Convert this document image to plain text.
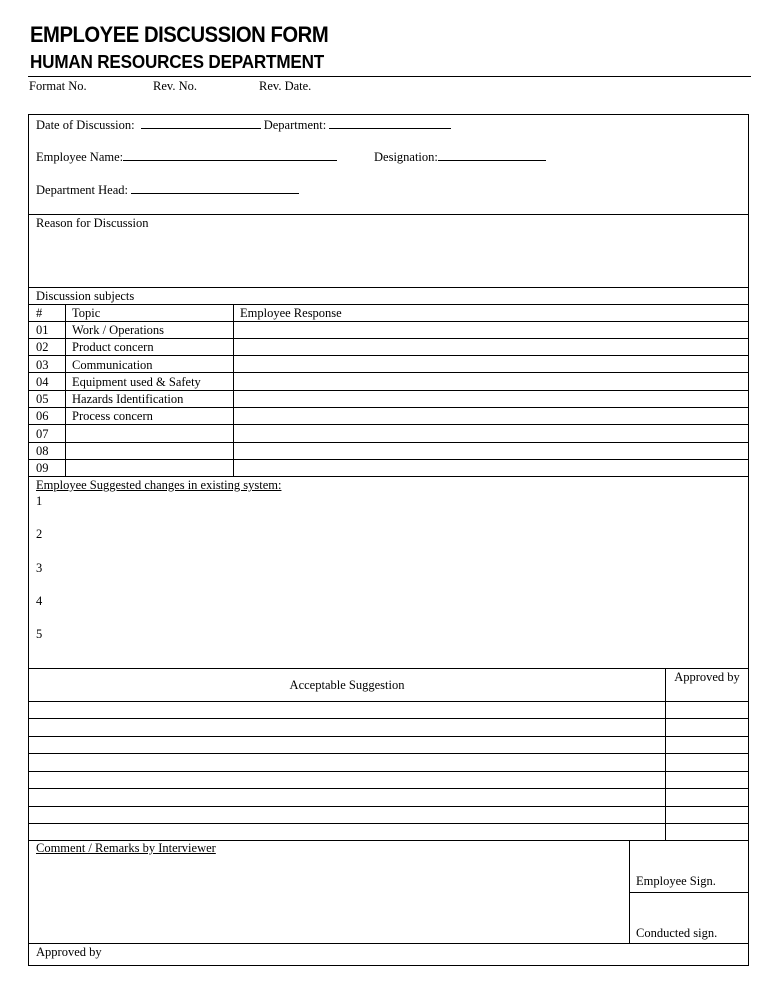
EMPLOYEE DISCUSSION FORM
HUMAN RESOURCES DEPARTMENT
Format No.	Rev. No.	Rev. Date.
Date of Discussion:	Department:
Employee Name:	Designation:
Department Head:
Reason for Discussion
Discussion subjects
# Topic	Employee Response
01 Work / Operations
02 Product concern
03 Communication
04 Equipment used & Safety
05 Hazards Identification
06 Process concern
07
08
09
Employee Suggested changes in existing system:
1
2
3
4
5
Acceptable Suggestion
Approved by
Comment / Remarks by Interviewer
Employee Sign.
Conducted sign.
Approved by
